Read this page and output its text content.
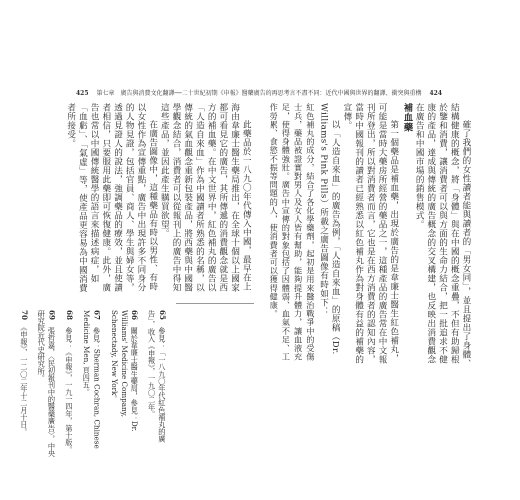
425 第七章　廣告與消費文化翻譯──二十世紀初期《申報》醫藥廣告的再思考 言不盡不同：近代中國與世界的翻譯、衝突與重構 424

確了我們的女性讀者能與讀者的「男女同」，並且提出了身體、結構健康的概念，將「身體」與在中國的概念重疊，不但有助歸根於鑒和消費，讓消費者可以與方面的生命力結合，把一批追求不健康的產品，達成與傳統的廣告概念的交叉構建，也反映出消費觀念在廣告和中國市場的銷售模式。

補血藥

第一個藥品是補血藥，出現於廣告的是韋廉士醫生紅色補丸，可能是當時大藥房所經營的藥品之一，這種產品的廣告常在中文報刊所登出，所以對消費者而言，它也是在西方消費者的認知內容，當時中國報刊的讀者已經熟悉以紅色補丸作為對身體有益的補藥的宣傳。

以「人造自來血」的廣告為例，「人造自來血」的原稿（Dr. Williams's Pink Pills）所載之廣告圖像有時如下：

紅色補丸的成分，結合了各化學藥劑，起初是用來醫治戰爭中的受傷士兵，藥品被證實對男人及女人皆有幫助，能夠提升體力，讓血液充足，使得身體強壯。廣告中宣傳的對象包括了因體弱、血氣不足、工作勞累、食慾不振等問題的人，使消費者可以獲得健康。

此藥品於一八九〇年代傳入中國，最早在上海由韋廉士醫生藥局推出，在全球十個以上國家都可看見它的廣告，其所傳遞的消費觀念就是西方的補血藥。在中文世界中，紅色補丸的廣告以「人造自來血」作為中國讀者所熟悉的名稱，以傳統的氣血觀念重新包裝產品，將西藥與中國醫學觀念結合，消費者可以從報刊上的廣告中得知這些產品，並因此產生購買欲望。

在廣告圖像中，這種藥品有時以男性、有時以女性作為宣傳重點，廣告中出現許多不同身分的人物見證，包括官員、商人、學生與婦女等，透過見證人的說法，強調藥品的療效，並且使讀者相信，只要服用此藥即可恢復健康。此外，廣告也常以中國傳統醫學的語言來描述病症，如「血虧」、「氣虛」等，使產品更容易為中國消費者所接受。

65　參見：「一八九〇年代紅色補丸的廣告」，收入《申報》，一九〇二年。

66　關於韋廉士醫生藥局，參見：Dr. Williams' Medicine Company, Schenectady, New York。

67　參見：Sherman Cochran, Chinese Medicine Men, 頁四五。

68　參見：《申報》，一九一四年，第十版。

69　張哲嘉，〈民初報刊中的醫藥廣告〉，中央研究院近代史研究所。

70　《申報》，一二〇二年十二月十日。
